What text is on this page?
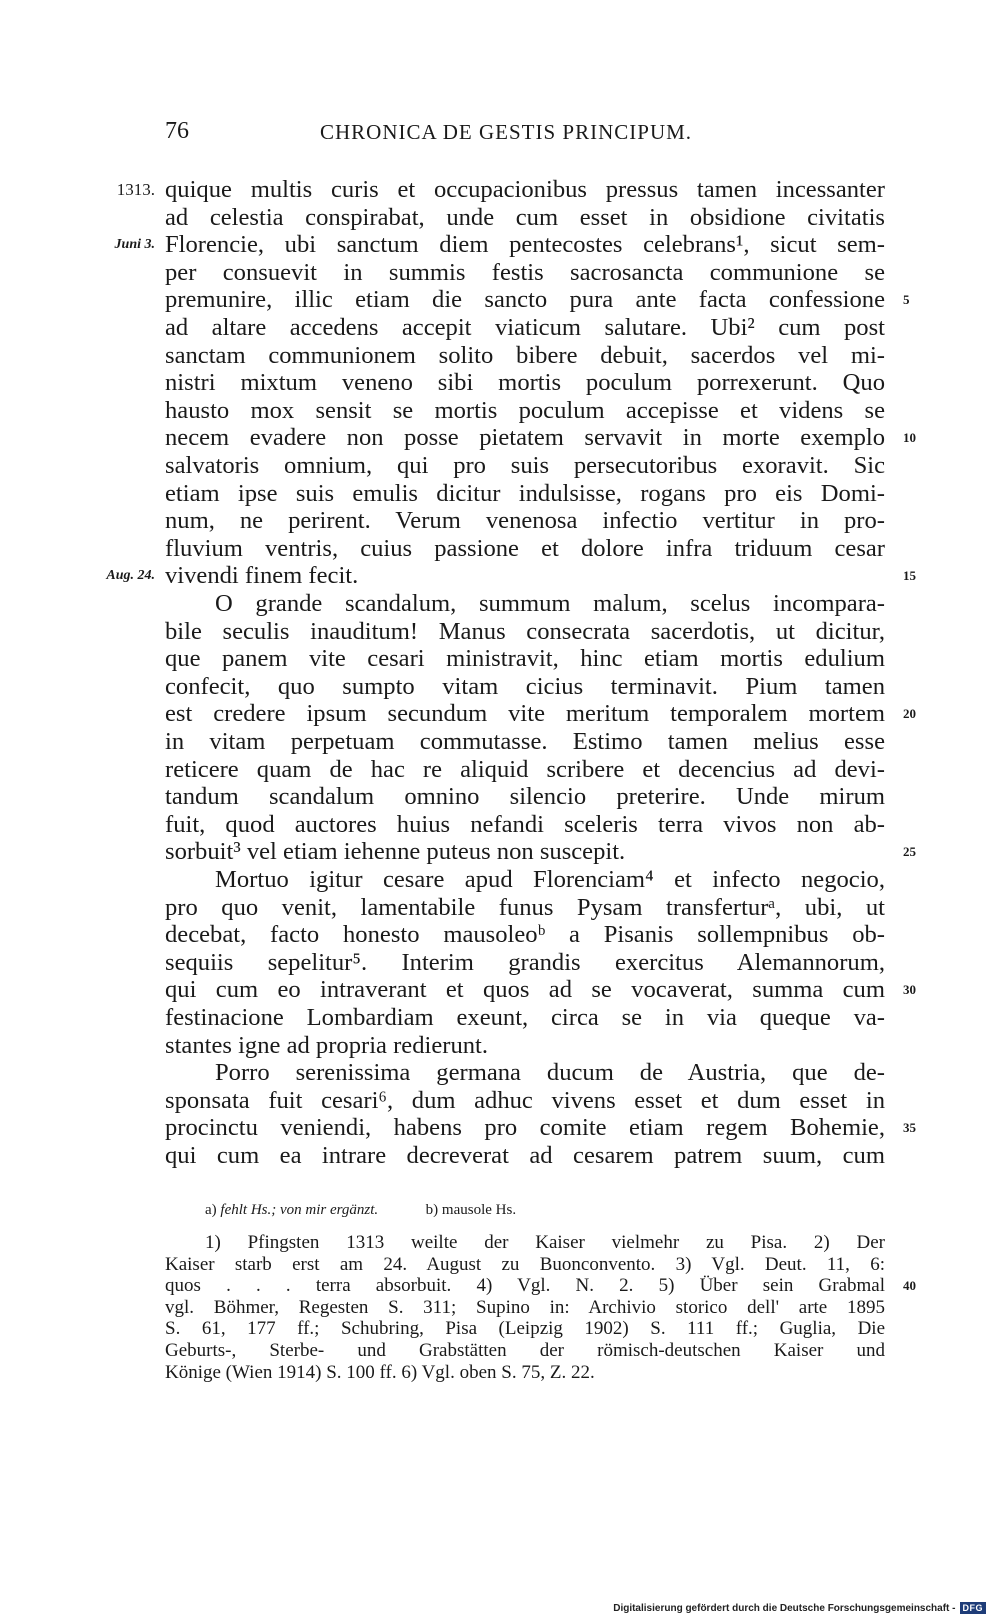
76	CHRONICA DE GESTIS PRINCIPUM.
1313.
Juni 3.
Aug. 24.
quique multis curis et occupacionibus pressus tamen incessanter
ad celestia conspirabat, unde cum esset in obsidione civitatis
Florencie, ubi sanctum diem pentecostes celebrans¹, sicut sem-
per consuevit in summis festis sacrosancta communione se
premunire, illic etiam die sancto pura ante facta confessione
ad altare accedens accepit viaticum salutare. Ubi² cum post
sanctam communionem solito bibere debuit, sacerdos vel mi-
nistri mixtum veneno sibi mortis poculum porrexerunt. Quo
hausto mox sensit se mortis poculum accepisse et videns se
necem evadere non posse pietatem servavit in morte exemplo
salvatoris omnium, qui pro suis persecutoribus exoravit. Sic
etiam ipse suis emulis dicitur indulsisse, rogans pro eis Domi-
num, ne perirent. Verum venenosa infectio vertitur in pro-
fluvium ventris, cuius passione et dolore infra triduum cesar
vivendi finem fecit.
O grande scandalum, summum malum, scelus incompara-
bile seculis inauditum! Manus consecrata sacerdotis, ut dicitur,
que panem vite cesari ministravit, hinc etiam mortis edulium
confecit, quo sumpto vitam cicius terminavit. Pium tamen
est credere ipsum secundum vite meritum temporalem mortem
in vitam perpetuam commutasse. Estimo tamen melius esse
reticere quam de hac re aliquid scribere et decencius ad devi-
tandum scandalum omnino silencio preterire. Unde mirum
fuit, quod auctores huius nefandi sceleris terra vivos non ab-
sorbuit³ vel etiam iehenne puteus non suscepit.
Mortuo igitur cesare apud Florenciam⁴ et infecto negocio,
pro quo venit, lamentabile funus Pysam transferturᵃ, ubi, ut
decebat, facto honesto mausoleoᵇ a Pisanis sollempnibus ob-
sequiis sepelitur⁵. Interim grandis exercitus Alemannorum,
qui cum eo intraverant et quos ad se vocaverat, summa cum
festinacione Lombardiam exeunt, circa se in via queque va-
stantes igne ad propria redierunt.
Porro serenissima germana ducum de Austria, que de-
sponsata fuit cesari⁶, dum adhuc vivens esset et dum esset in
procinctu veniendi, habens pro comite etiam regem Bohemie,
qui cum ea intrare decreverat ad cesarem patrem suum, cum
5
10
15
20
25
30
35
a) fehlt Hs.; von mir ergänzt.	b) mausole Hs.
1) Pfingsten 1313 weilte der Kaiser vielmehr zu Pisa. 2) Der
Kaiser starb erst am 24. August zu Buonconvento. 3) Vgl. Deut. 11, 6:
quos . . . terra absorbuit. 4) Vgl. N. 2. 5) Über sein Grabmal
vgl. Böhmer, Regesten S. 311; Supino in: Archivio storico dell' arte 1895
S. 61, 177 ff.; Schubring, Pisa (Leipzig 1902) S. 111 ff.; Guglia, Die
Geburts-, Sterbe- und Grabstätten der römisch-deutschen Kaiser und
Könige (Wien 1914) S. 100 ff. 6) Vgl. oben S. 75, Z. 22.
40
Digitalisierung gefördert durch die Deutsche Forschungsgemeinschaft - DFG
